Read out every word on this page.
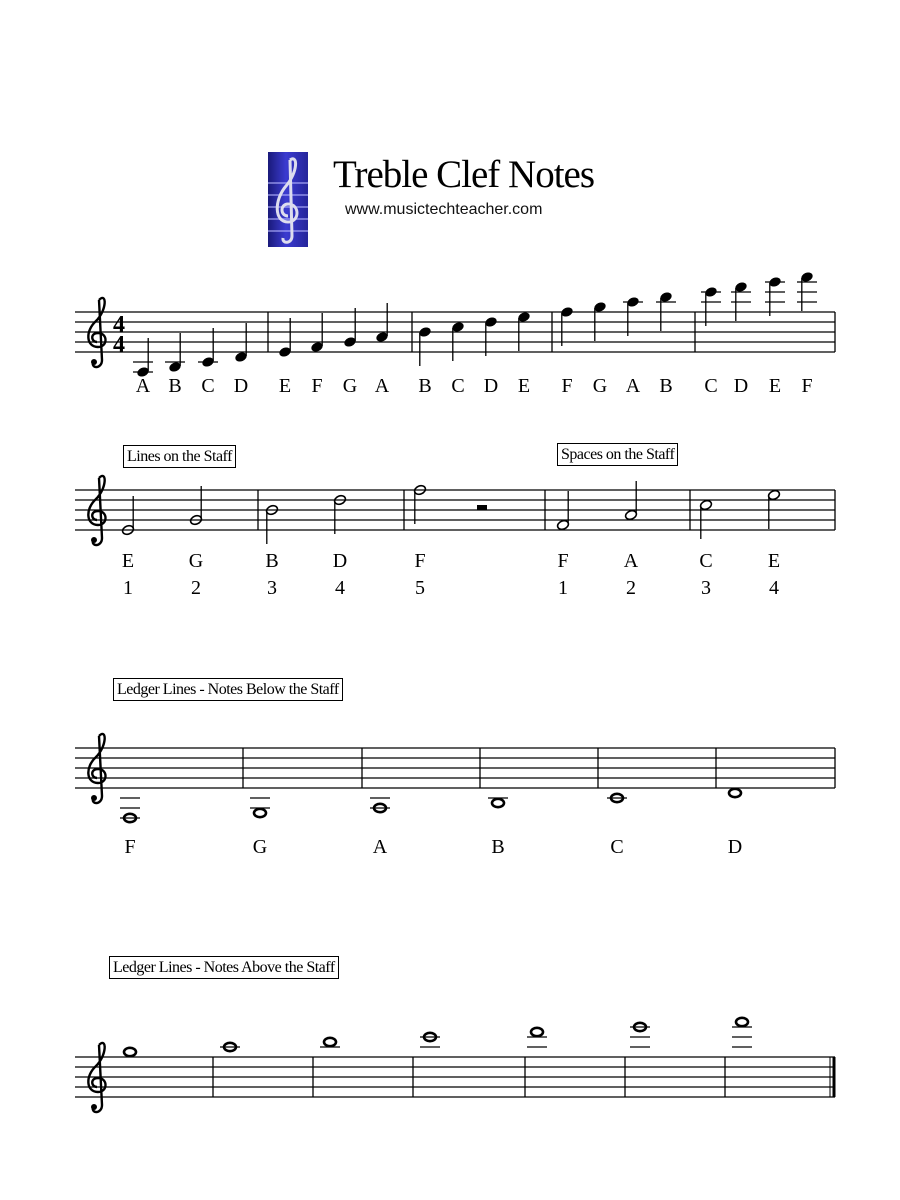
Treble Clef Notes
www.musictechteacher.com
Lines on the Staff	Spaces on the Staff
Ledger Lines - Notes Below the Staff
Ledger Lines - Notes Above the Staff
4
4
A B C D E F G A B C D E F G A B C D E F
E
1
G
2
B
3
D
4
F
5
F
1
A
2
C
3
E
4
F	G	A	B	C	D
